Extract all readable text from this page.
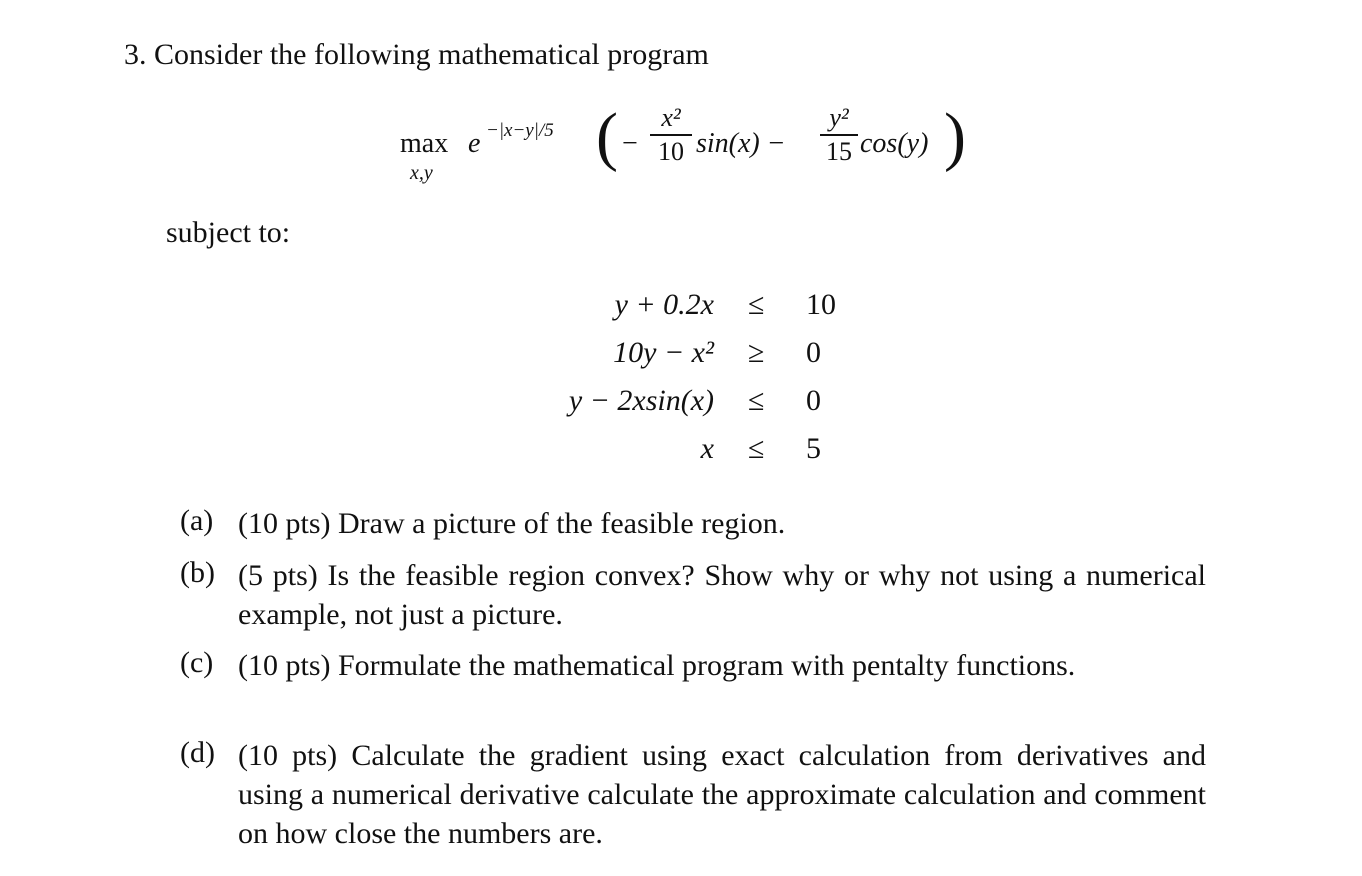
3. Consider the following mathematical program
max
x,y
e −|x−y|/5 ( −
x²
10 sin(x) −
y²
15 cos(y) )
subject to:
y + 0.2x ≤ 10
10y − x² ≥ 0
y − 2xsin(x) ≤ 0
x ≤ 5
(a) (10 pts) Draw a picture of the feasible region.
(b) (5 pts) Is the feasible region convex? Show why or why not using a numerical example, not just a picture.
(c) (10 pts) Formulate the mathematical program with pentalty functions.
(d) (10 pts) Calculate the gradient using exact calculation from derivatives and using a numerical derivative calculate the approximate calculation and comment on how close the numbers are.
